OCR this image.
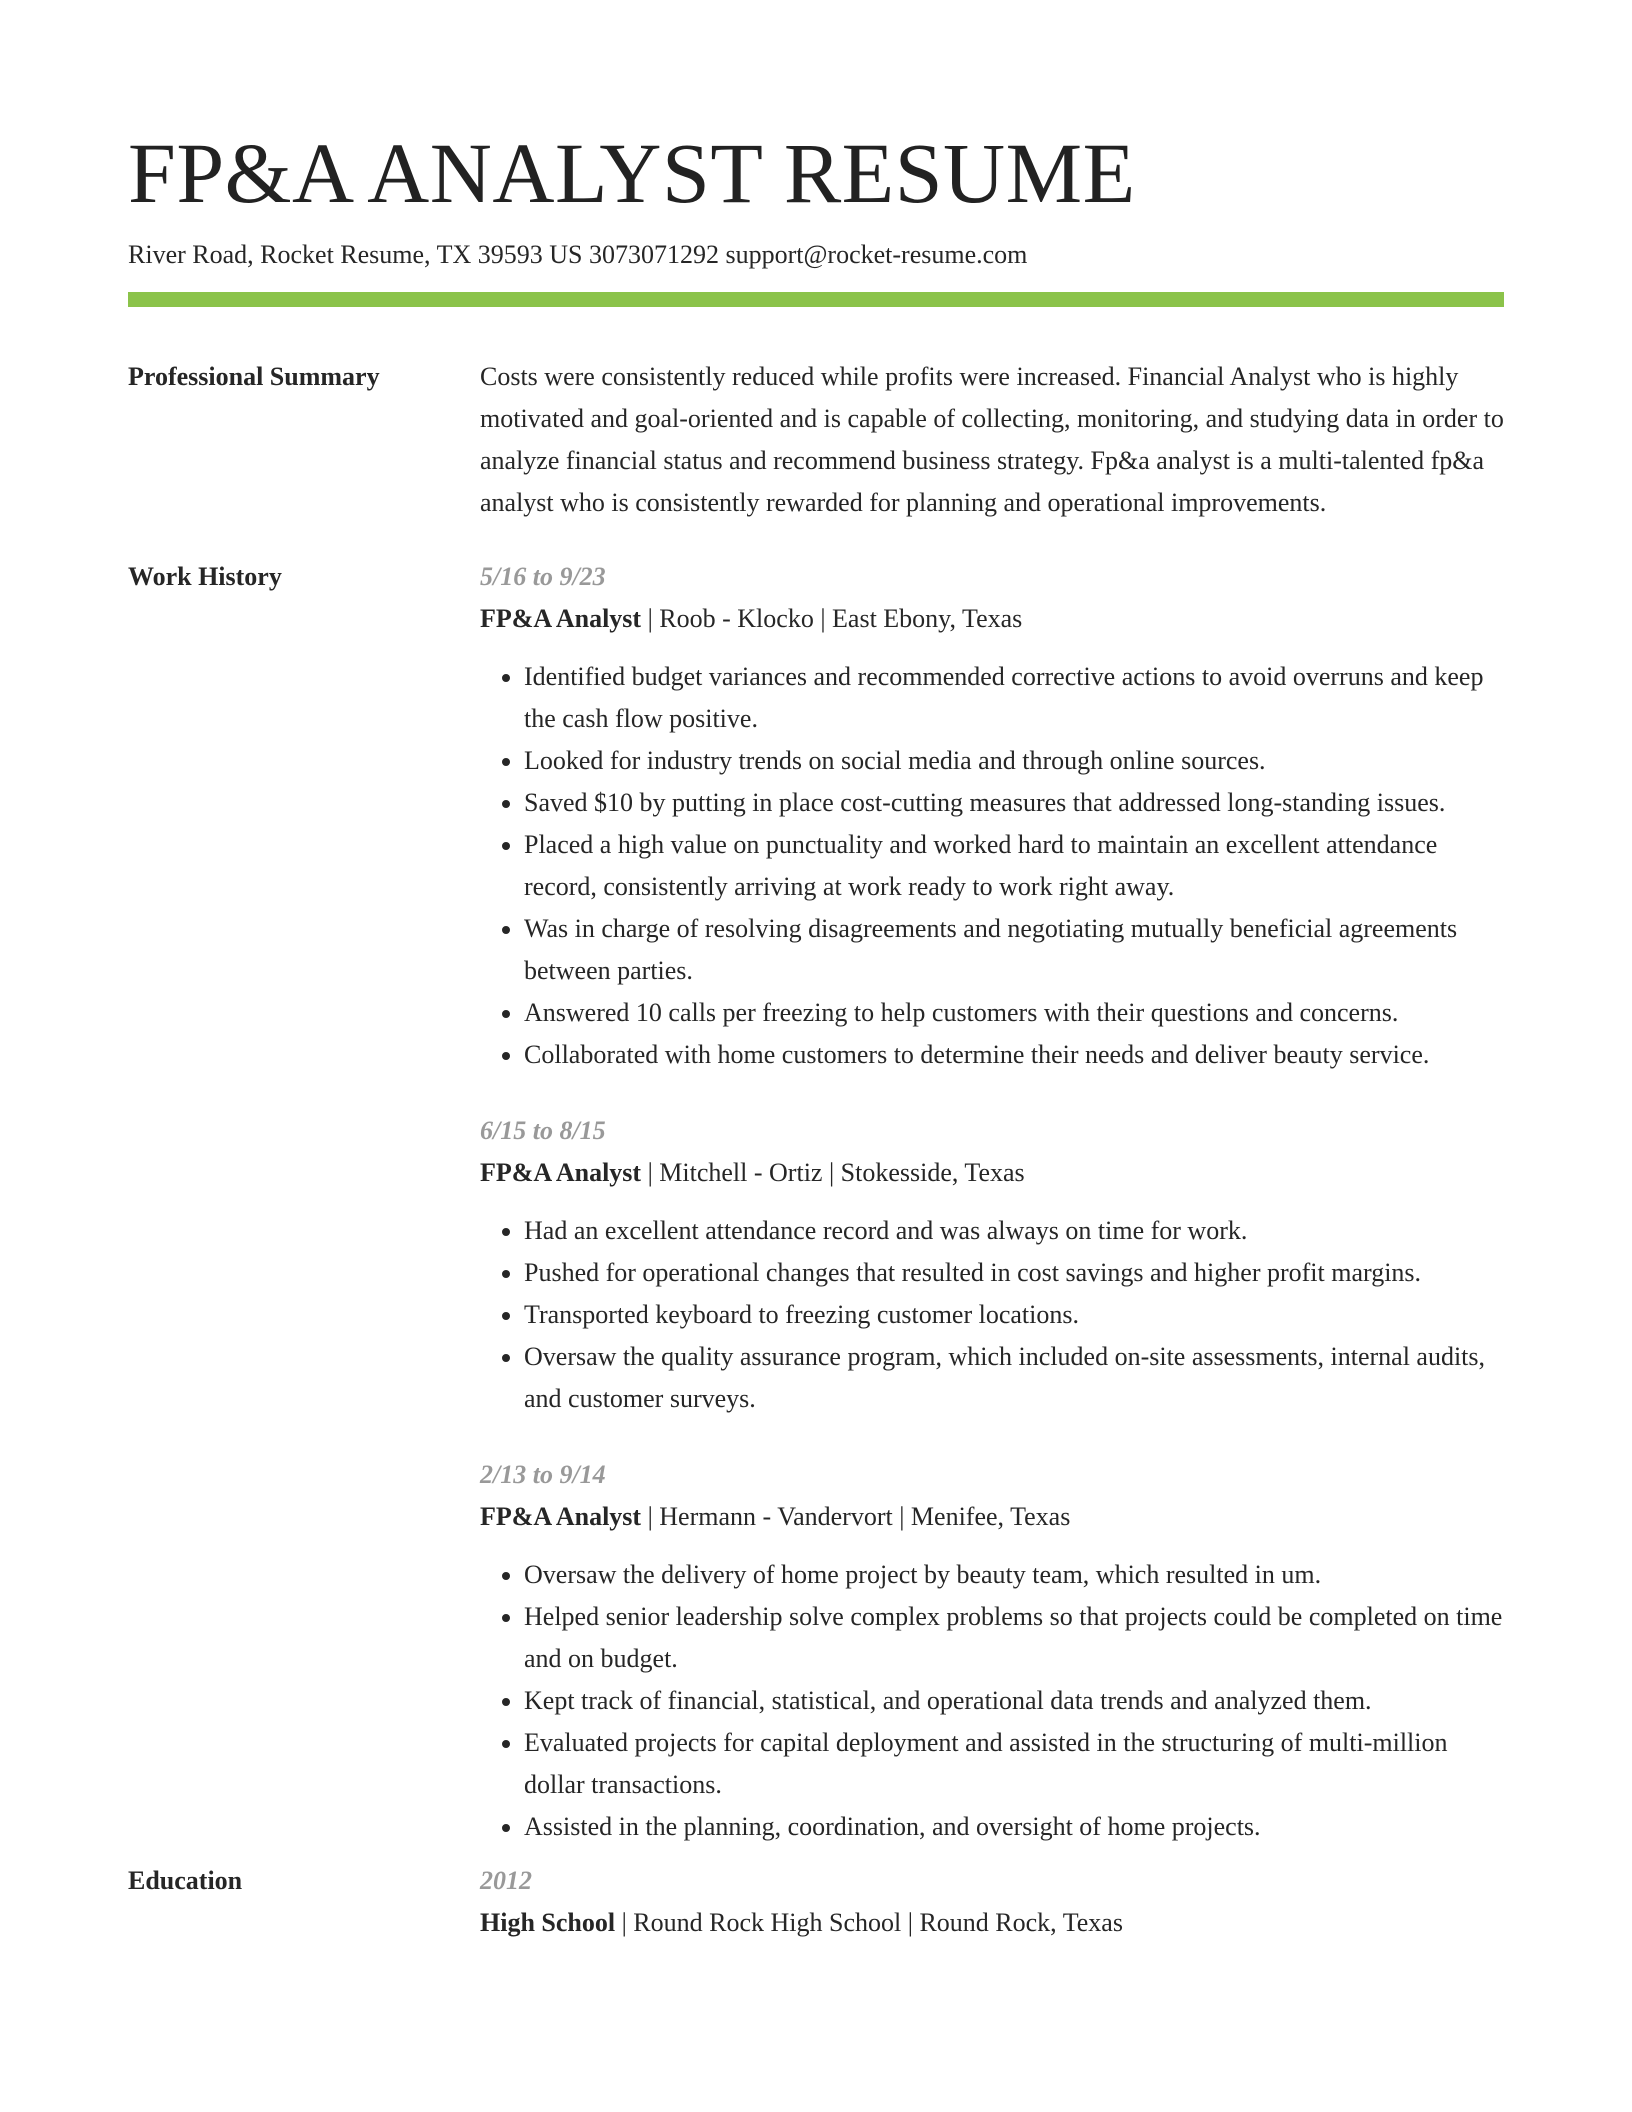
FP&A ANALYST RESUME
River Road, Rocket Resume, TX 39593 US 3073071292 support@rocket-resume.com
Professional Summary	Costs were consistently reduced while profits were increased. Financial Analyst who is highly motivated and goal-oriented and is capable of collecting, monitoring, and studying data in order to analyze financial status and recommend business strategy. Fp&a analyst is a multi-talented fp&a analyst who is consistently rewarded for planning and operational improvements.
Work History	5/16 to 9/23
FP&A Analyst | Roob - Klocko | East Ebony, Texas
• Identified budget variances and recommended corrective actions to avoid overruns and keep the cash flow positive.
• Looked for industry trends on social media and through online sources.
• Saved $10 by putting in place cost-cutting measures that addressed long-standing issues.
• Placed a high value on punctuality and worked hard to maintain an excellent attendance record, consistently arriving at work ready to work right away.
• Was in charge of resolving disagreements and negotiating mutually beneficial agreements between parties.
• Answered 10 calls per freezing to help customers with their questions and concerns.
• Collaborated with home customers to determine their needs and deliver beauty service.
6/15 to 8/15
FP&A Analyst | Mitchell - Ortiz | Stokesside, Texas
• Had an excellent attendance record and was always on time for work.
• Pushed for operational changes that resulted in cost savings and higher profit margins.
• Transported keyboard to freezing customer locations.
• Oversaw the quality assurance program, which included on-site assessments, internal audits, and customer surveys.
2/13 to 9/14
FP&A Analyst | Hermann - Vandervort | Menifee, Texas
• Oversaw the delivery of home project by beauty team, which resulted in um.
• Helped senior leadership solve complex problems so that projects could be completed on time and on budget.
• Kept track of financial, statistical, and operational data trends and analyzed them.
• Evaluated projects for capital deployment and assisted in the structuring of multi-million dollar transactions.
• Assisted in the planning, coordination, and oversight of home projects.
Education	2012
High School | Round Rock High School | Round Rock, Texas
